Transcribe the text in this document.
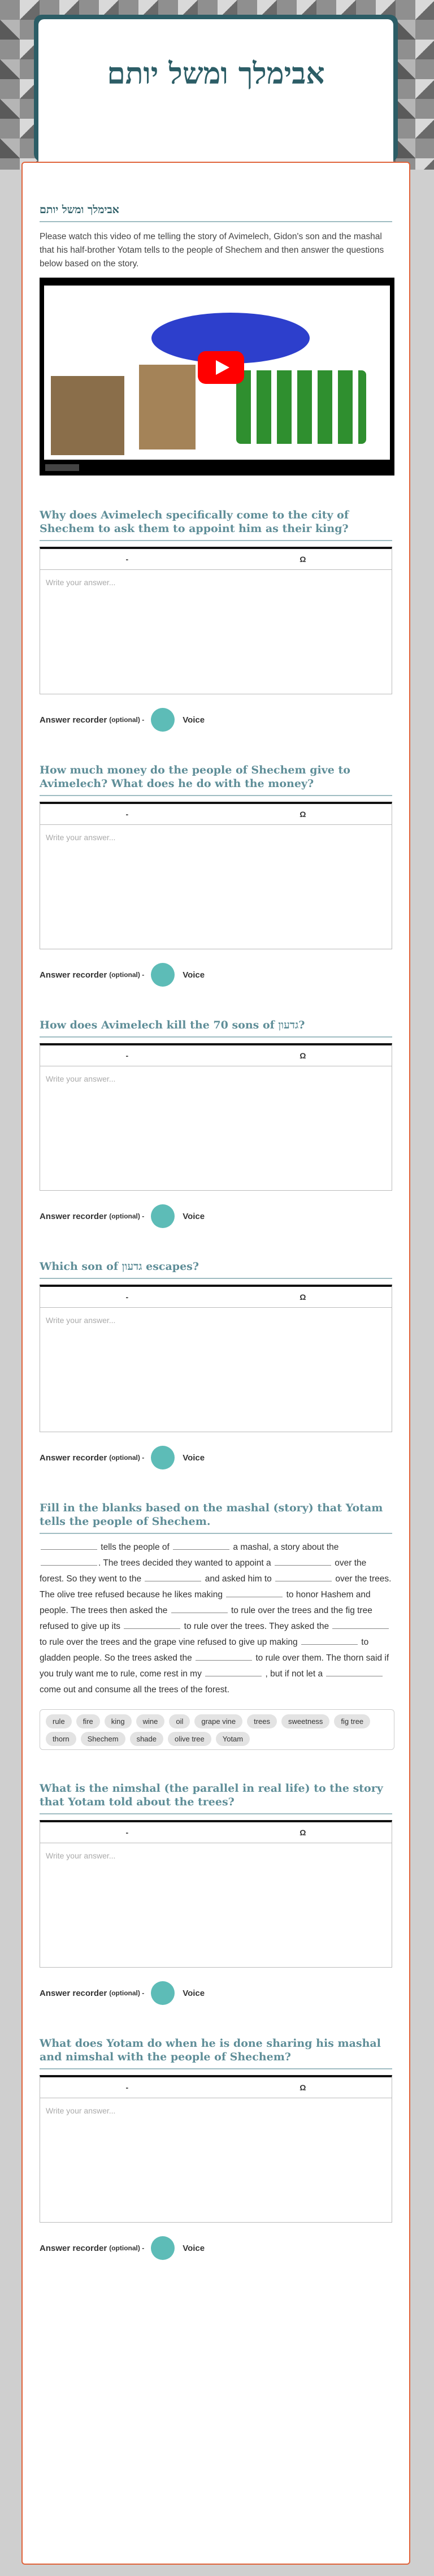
אבימלך ומשל יותם
אבימלך ומשל יותם

Please watch this video of me telling the story of Avimelech, Gidon's son and the mashal that his half-brother Yotam tells to the people of Shechem and then answer the questions below based on the story.

Why does Avimelech specifically come to the city of Shechem to ask them to appoint him as their king?
-	Ω
Write your answer...
Answer recorder (optional) -	Voice
How much money do the people of Shechem give to Avimelech? What does he do with the money?
-	Ω
Write your answer...
Answer recorder (optional) -	Voice
How does Avimelech kill the 70 sons of גדעון?
-	Ω
Write your answer...
Answer recorder (optional) -	Voice
Which son of גדעון escapes?
-	Ω
Write your answer...
Answer recorder (optional) -	Voice
Fill in the blanks based on the mashal (story) that Yotam tells the people of Shechem.

tells the people of	a mashal, a story about the . The trees decided they wanted to appoint a	over the forest. So they went to the	and asked him to	over the trees. The olive tree refused because he likes making	to honor Hashem and people. The trees then asked the	to rule over the trees and the fig tree refused to give up its	to rule over the trees. They asked the  to rule over the trees and the grape vine refused to give up making	to gladden people. So the trees asked the	to rule over them. The thorn said if you truly want me to rule, come rest in my	, but if not let a  come out and consume all the trees of the forest.

rule	fire	king	wine	oil	grape vine	trees	sweetness	fig tree
thorn	Shechem	shade	olive tree	Yotam
What is the nimshal (the parallel in real life) to the story that Yotam told about the trees?
-	Ω
Write your answer...
Answer recorder (optional) -	Voice
What does Yotam do when he is done sharing his mashal and nimshal with the people of Shechem?
-	Ω
Write your answer...
Answer recorder (optional) -	Voice
